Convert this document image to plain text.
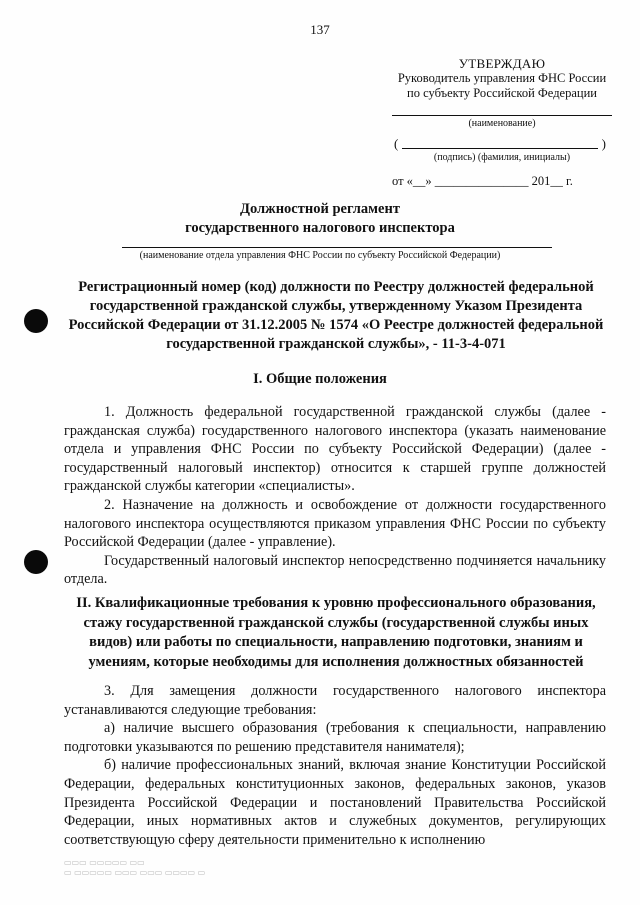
137
УТВЕРЖДАЮ
Руководитель управления ФНС России
по субъекту Российской Федерации
(наименование)
(	)
(подпись) (фамилия, инициалы)
от «__» _______________ 201__ г.
Должностной регламент
государственного налогового инспектора
(наименование отдела управления ФНС России по субъекту Российской Федерации)
Регистрационный номер (код) должности по Реестру должностей федеральной государственной гражданской службы, утвержденному Указом Президента Российской Федерации от 31.12.2005 № 1574 «О Реестре должностей федеральной государственной гражданской службы», - 11-3-4-071
I. Общие положения

1. Должность федеральной государственной гражданской службы (далее - гражданская служба) государственного налогового инспектора (указать наименование отдела и управления ФНС России по субъекту Российской Федерации) (далее - государственный налоговый инспектор) относится к старшей группе должностей гражданской службы категории «специалисты».

2. Назначение на должность и освобождение от должности государственного налогового инспектора осуществляются приказом управления ФНС России по субъекту Российской Федерации (далее - управление).

Государственный налоговый инспектор непосредственно подчиняется начальнику отдела.

II. Квалификационные требования к уровню профессионального образования, стажу государственной гражданской службы (государственной службы иных видов) или работы по специальности, направлению подготовки, знаниям и умениям, которые необходимы для исполнения должностных обязанностей

3. Для замещения должности государственного налогового инспектора устанавливаются следующие требования:

а) наличие высшего образования (требования к специальности, направлению подготовки указываются по решению представителя нанимателя);

б) наличие профессиональных знаний, включая знание Конституции Российской Федерации, федеральных конституционных законов, федеральных законов, указов Президента Российской Федерации и постановлений Правительства Российской Федерации, иных нормативных актов и служебных документов, регулирующих соответствующую сферу деятельности применительно к исполнению

▭▭▭ ▭▭▭▭▭ ▭▭
▭ ▭▭▭▭▭ ▭▭▭ ▭▭▭ ▭▭▭▭ ▭
